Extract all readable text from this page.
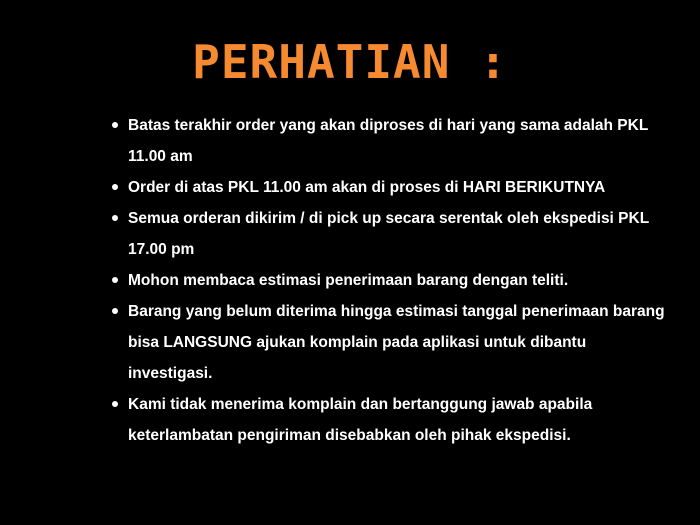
PERHATIAN :
Batas terakhir order yang akan diproses di hari yang sama adalah PKL 11.00 am
Order di atas PKL 11.00 am akan di proses di HARI BERIKUTNYA
Semua orderan dikirim / di pick up secara serentak oleh ekspedisi PKL 17.00 pm
Mohon membaca estimasi penerimaan barang dengan teliti.
Barang yang belum diterima hingga estimasi tanggal penerimaan barang bisa LANGSUNG ajukan komplain pada aplikasi untuk dibantu investigasi.
Kami tidak menerima komplain dan bertanggung jawab apabila keterlambatan pengiriman disebabkan oleh pihak ekspedisi.
